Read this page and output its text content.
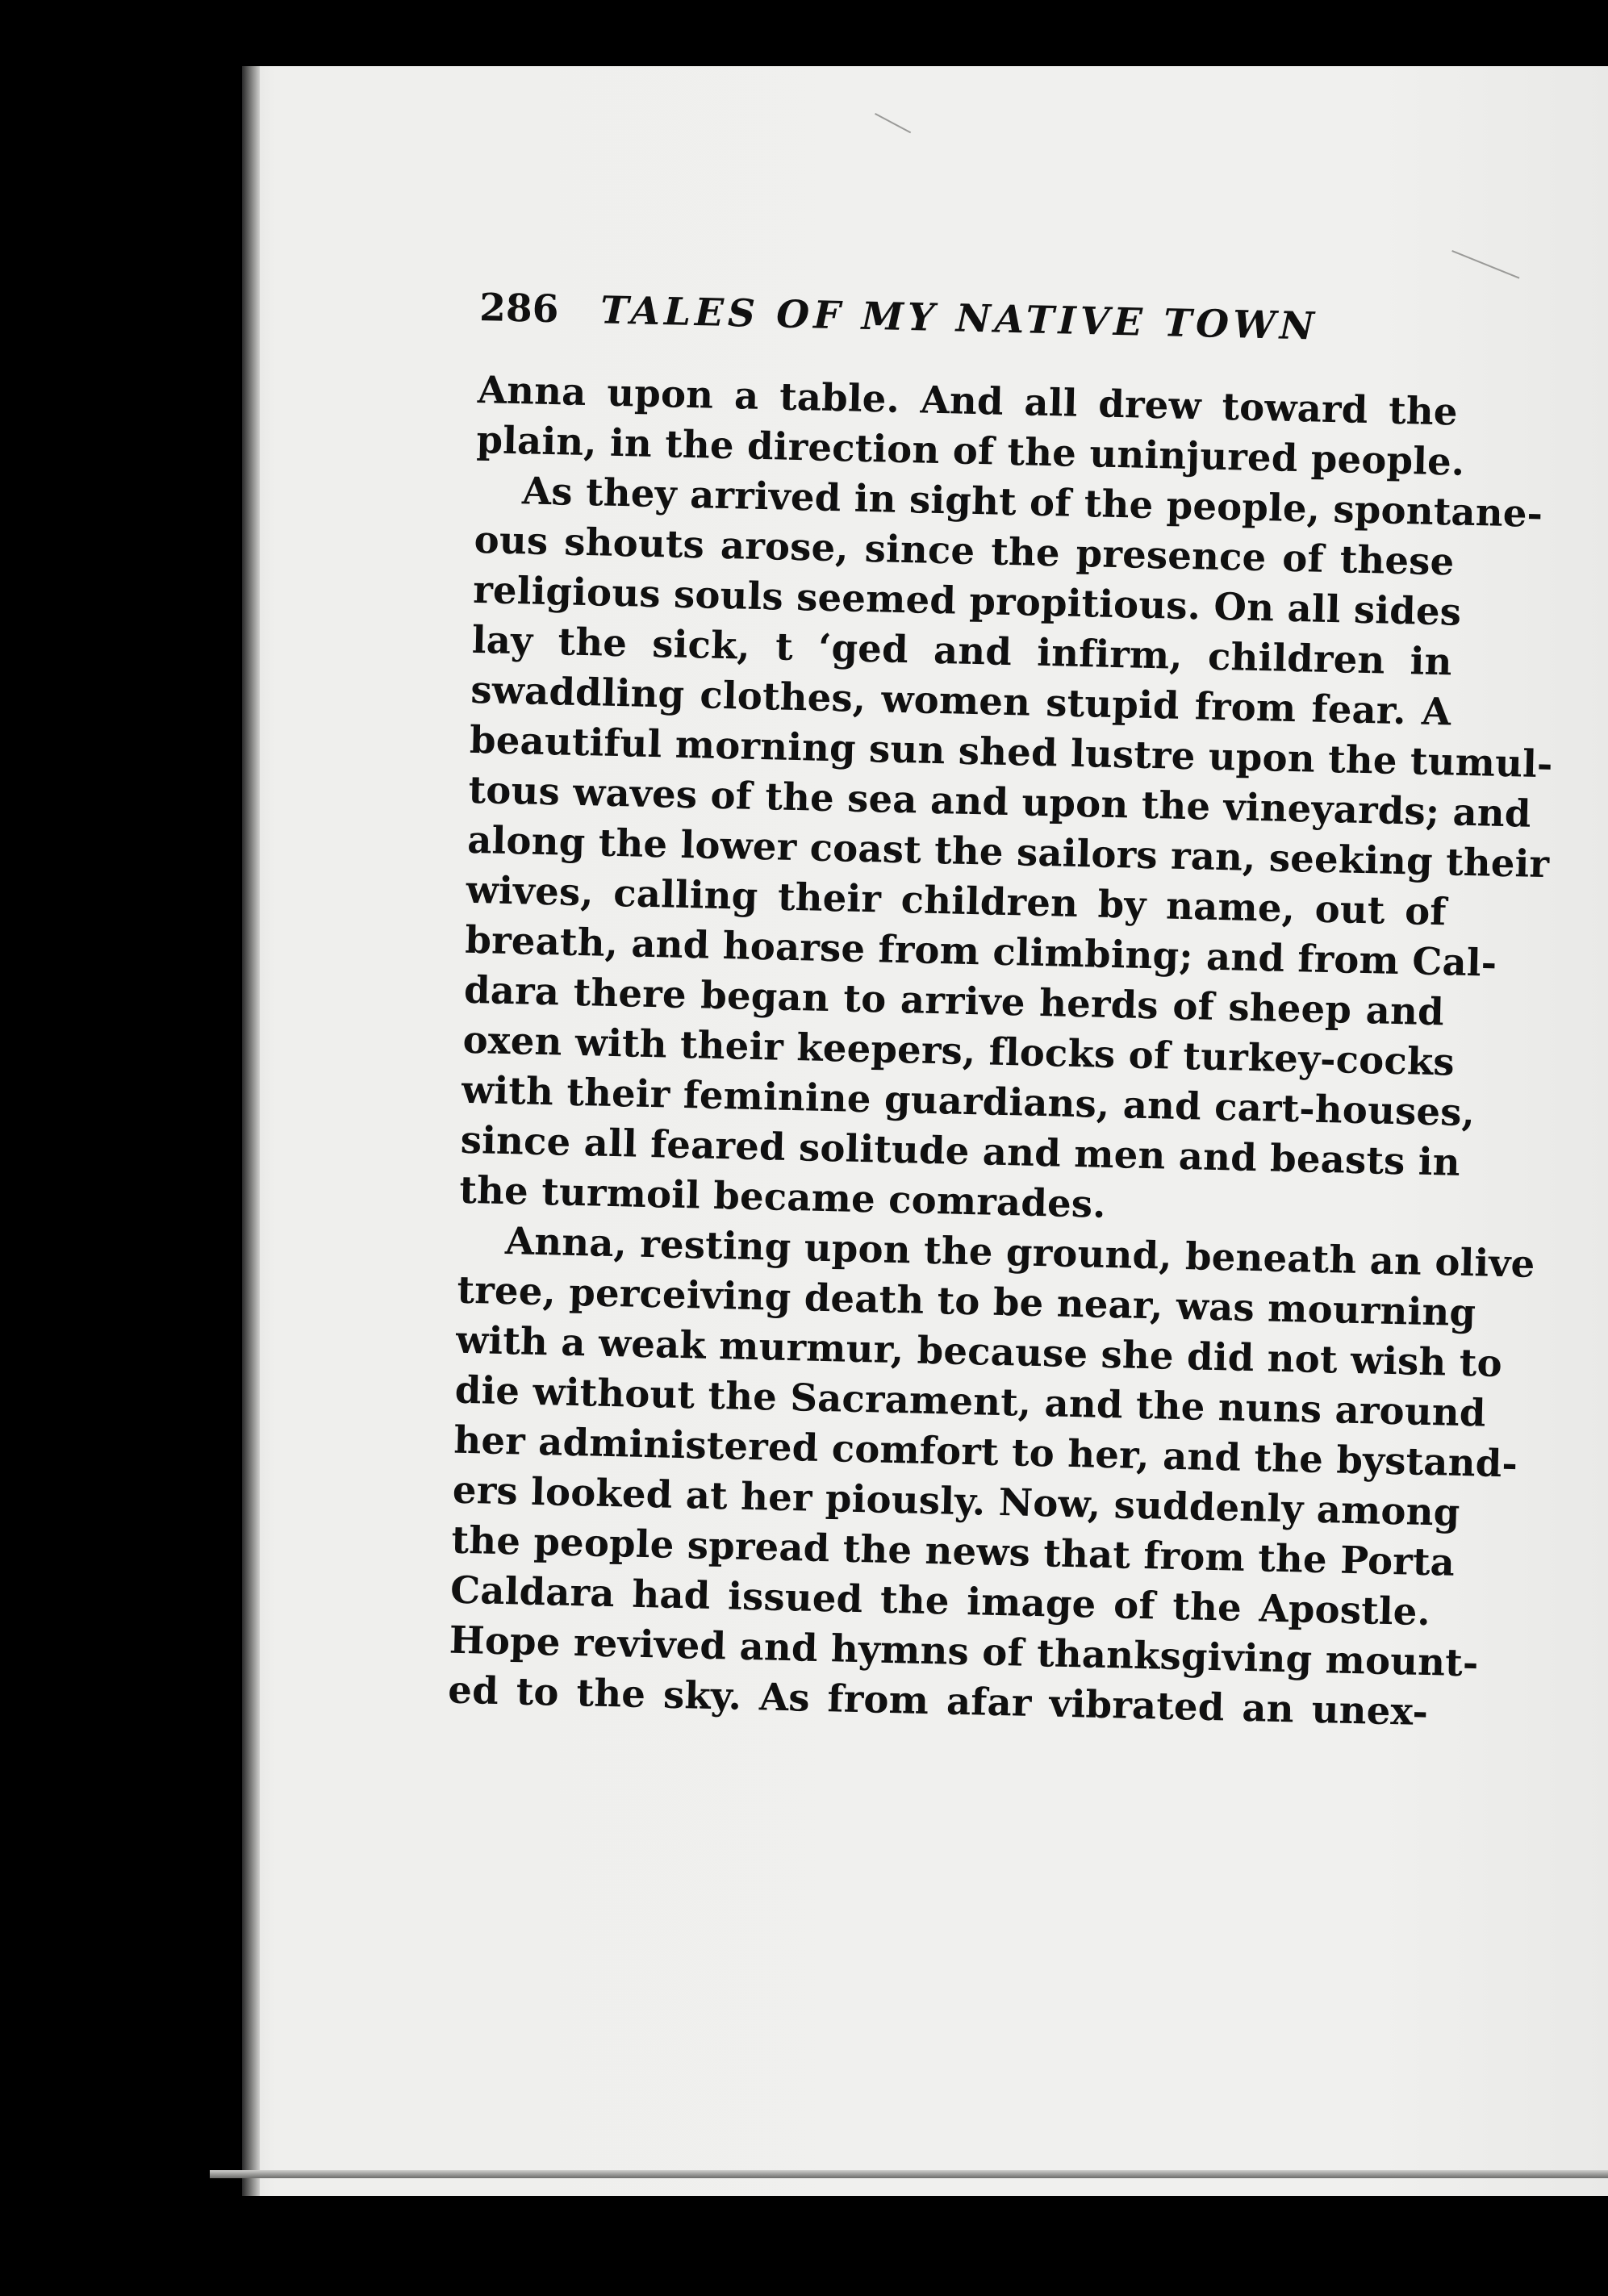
286	TALES OF MY NATIVE TOWN
Anna upon a table. And all drew toward the
plain, in the direction of the uninjured people.
As they arrived in sight of the people, spontane-
ous shouts arose, since the presence of these
religious souls seemed propitious. On all sides
lay the sick, t ‘ged and infirm, children in
swaddling clothes, women stupid from fear. A
beautiful morning sun shed lustre upon the tumul-
tous waves of the sea and upon the vineyards; and
along the lower coast the sailors ran, seeking their
wives, calling their children by name, out of
breath, and hoarse from climbing; and from Cal-
dara there began to arrive herds of sheep and
oxen with their keepers, flocks of turkey-cocks
with their feminine guardians, and cart-houses,
since all feared solitude and men and beasts in
the turmoil became comrades.
Anna, resting upon the ground, beneath an olive
tree, perceiving death to be near, was mourning
with a weak murmur, because she did not wish to
die without the Sacrament, and the nuns around
her administered comfort to her, and the bystand-
ers looked at her piously. Now, suddenly among
the people spread the news that from the Porta
Caldara had issued the image of the Apostle.
Hope revived and hymns of thanksgiving mount-
ed to the sky. As from afar vibrated an unex-
